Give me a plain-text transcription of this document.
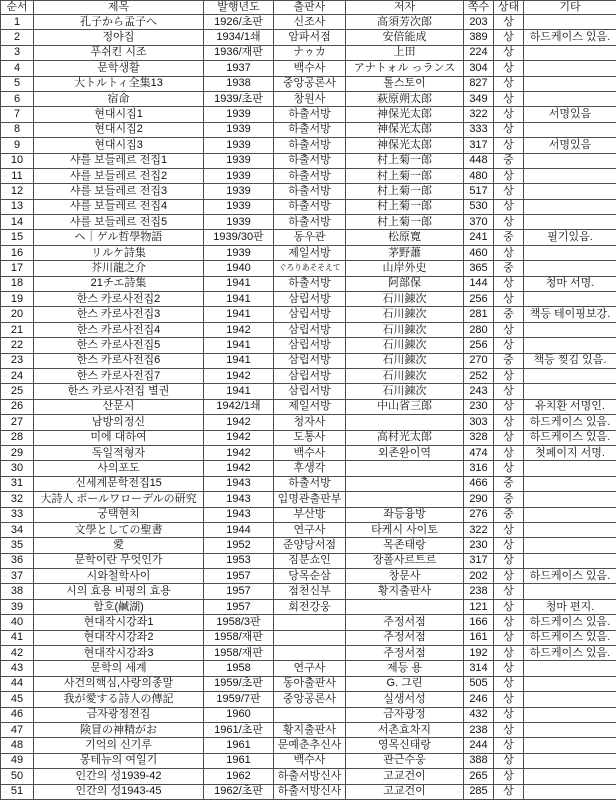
순서	제목	발행년도	출판사	저자	쪽수	상태	기타
1	孔子から孟子へ	1926/초판	신조사	高須芳次郎	203	상	
2	정야집	1934/1쇄	암파서점	安倍能成	389	상	하드케이스 있음.
3	푸쉬킨 시조	1936/재판	ナゥカ	上田	224	상	
4	문학생활	1937	백수사	アナトォル っランス	304	상	
5	大トルトィ全集13	1938	중앙공론사	톨스토이	827	상	
6	宿命	1939/초판	창원사	萩原朔太郎	349	상	
7	현대시집1	1939	하출서방	神保光太郎	322	상	서명있음
8	현대시집2	1939	하출서방	神保光太郎	333	상	
9	현대시집3	1939	하출서방	神保光太郎	317	상	서명있음
10	샤를 보들레르 전집1	1939	하출서방	村上菊一郎	448	중	
11	샤를 보들레르 전집2	1939	하출서방	村上菊一郎	480	상	
12	샤를 보들레르 전집3	1939	하출서방	村上菊一郎	517	상	
13	샤를 보들레르 전집4	1939	하출서방	村上菊一郎	530	상	
14	샤를 보들레르 전집5	1939	하출서방	村上菊一郎	370	상	
15	ヘ｜ゲル哲學物語	1939/30판	동우관	松原寛	241	중	필기있음.
16	リルケ詩集	1939	제일서방	茅野蕭	460	상	
17	芥川龍之介	1940	ぐろりあそそえて	山岸外史	365	중	
18	21チエ詩集	1941	하출서방	阿部保	144	상	청마 서명.
19	한스 카로사전집2	1941	삼립서방	石川錬次	256	상	
20	한스 카로사전집3	1941	삼립서방	石川錬次	281	중	책등 테이핑보강.
21	한스 카로사전집4	1942	삼립서방	石川錬次	280	상	
22	한스 카로사전집5	1941	삼립서방	石川錬次	256	상	
23	한스 카로사전집6	1941	삼립서방	石川錬次	270	중	책등 찢김 있음.
24	한스 카로사전집7	1942	삼립서방	石川錬次	252	상	
25	한스 카로사전집 별권	1941	삼립서방	石川錬次	243	상	
26	산문시	1942/1쇄	제일서방	中山省三郎	230	상	유치환 서명인.
27	남방의정신	1942	청자사		303	상	하드케이스 있음.
28	미에 대하여	1942	도통사	高村光太郎	328	상	하드케이스 있음.
29	독일적형자	1942	백수사	외존완이역	474	상	첫페이지 서명.
30	사의포도	1942	후생각		316	상	
31	신세계문학전집15	1943	하출서방		466	중	
32	大詩人 ポールワローデルの研究	1943	입명관출판부		290	중	
33	궁택현치	1943	부산방	좌등융방	276	중	
34	文學としての聖書	1944	연구사	타케시 사이토	322	상	
35	愛	1952	준양당서점	목존태랑	230	상	
36	문학이란 무엇인가	1953	짐분쇼인	장폴사르트르	317	상	
37	시와철학사이	1957	당목순삼	창문사	202	상	하드케이스 있음.
38	시의 효용 비평의 효용	1957	점천신부	황지출판사	238	상	
39	함호(鹹湖)	1957	회전강웅		121	상	청마 편지.
40	현대작시강좌1	1958/3판		주정서점	166	상	하드케이스 있음.
41	현대작시강좌2	1958/재판		주정서점	161	상	하드케이스 있음.
42	현대작시강좌3	1958/재판		주정서점	192	상	하드케이스 있음.
43	문학의 세계	1958	연구사	제등 용	314	상	
44	사건의핵심,사랑의종말	1959/초판	동아출판사	G. 그린	505	상	
45	我が愛する詩人の傳記	1959/7판	중앙공론사	실생서성	246	상	
46	금자광정전집	1960		금자광정	432	상	
47	険冒の神精がお	1961/초판	황지출판사	서촌효차지	238	상	
48	기억의 신기루	1961	문예춘추신사	영목신태랑	244	상	
49	몽테뉴의 여일기	1961	백수사	관근수웅	388	상	
50	인간의 성1939-42	1962	하출서방신사	고교건이	265	상	
51	인간의 성1943-45	1962/초판	하출서방신사	고교건이	285	상	
